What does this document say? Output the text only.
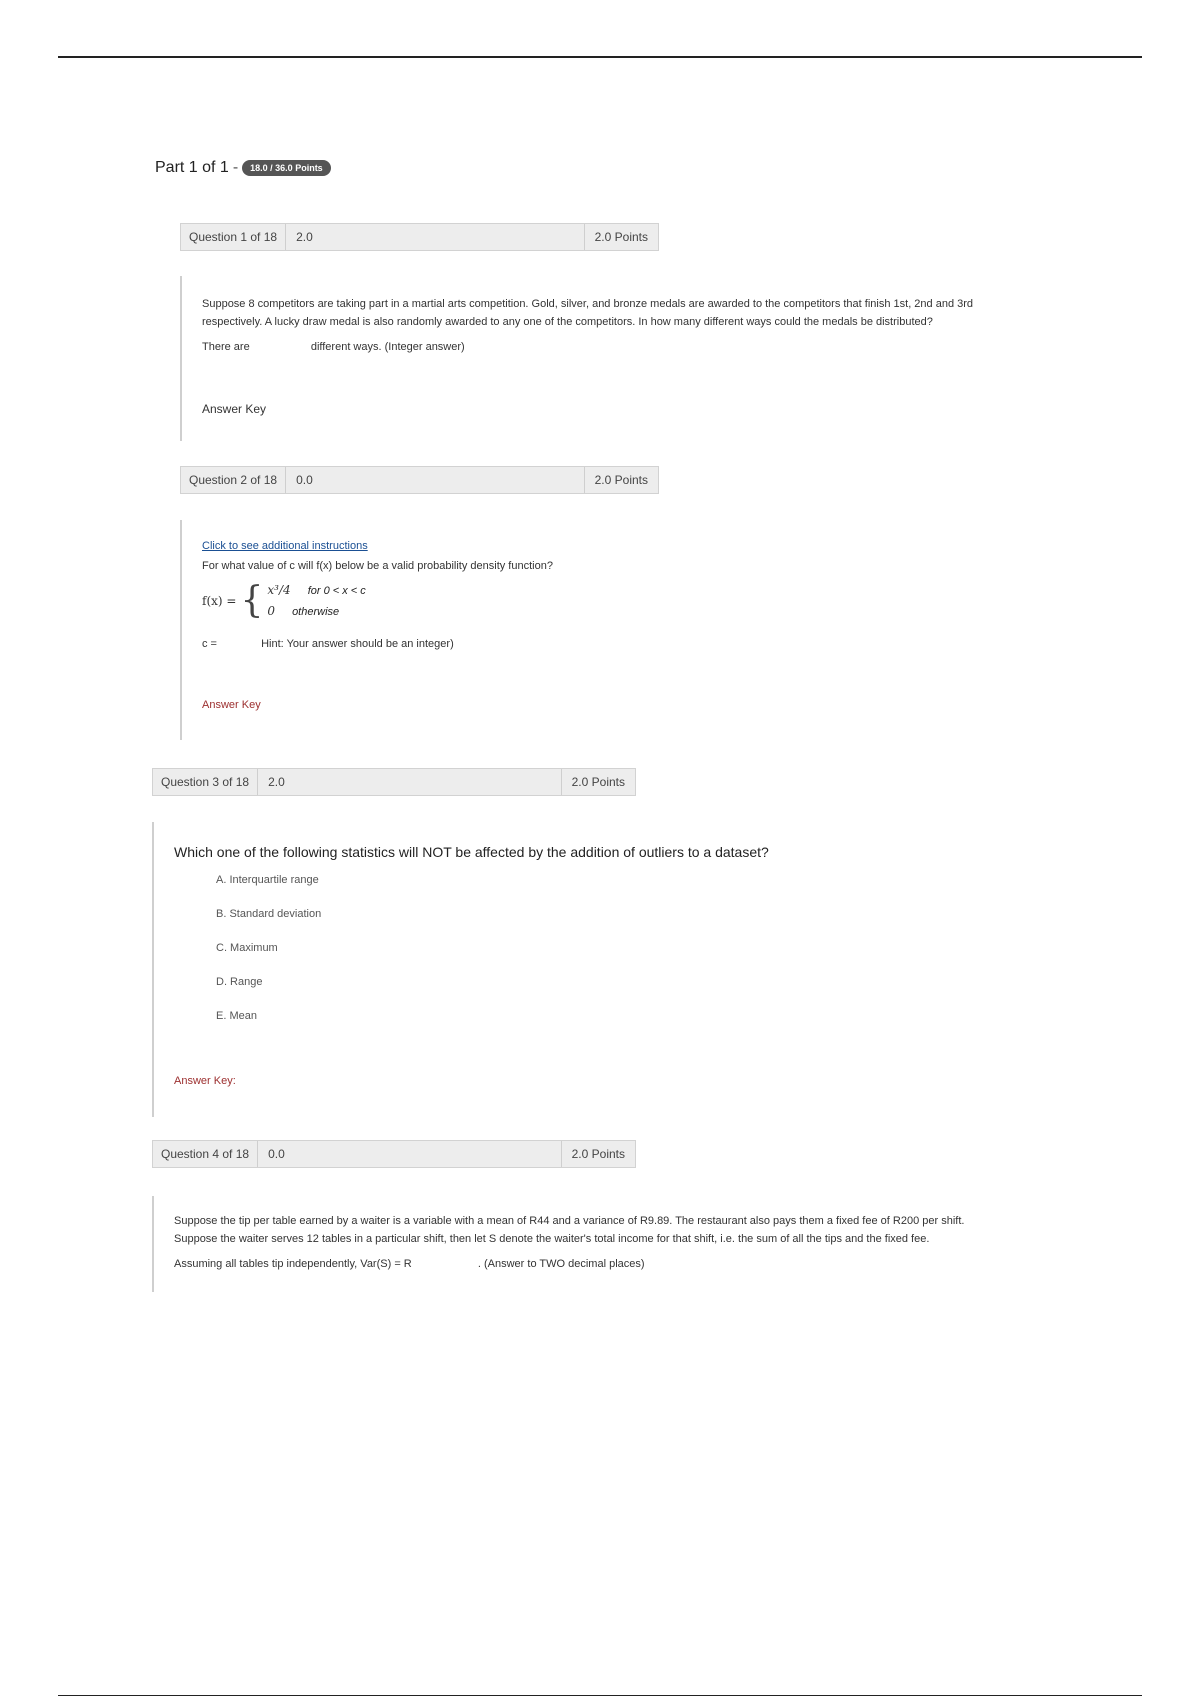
Part 1 of 1 -	18.0 / 36.0 Points
Question 1 of 18	2.0	2.0 Points

Suppose 8 competitors are taking part in a martial arts competition. Gold, silver, and bronze medals are awarded to the competitors that finish 1st, 2nd and 3rd

respectively. A lucky draw medal is also randomly awarded to any one of the competitors. In how many different ways could the medals be distributed?

There are	different ways. (Integer answer)
Answer Key
Question 2 of 18	0.0	2.0 Points
Click to see additional instructions
For what value of c will f(x) below be a valid probability density function?
f(x) = { x³/4 for 0 < x < c
0 otherwise
c =	Hint: Your answer should be an integer)
Answer Key
Question 3 of 18	2.0	2.0 Points
Which one of the following statistics will NOT be affected by the addition of outliers to a dataset?
A. Interquartile range
B. Standard deviation
C. Maximum
D. Range
E. Mean
Answer Key:
Question 4 of 18	0.0	2.0 Points

Suppose the tip per table earned by a waiter is a variable with a mean of R44 and a variance of R9.89. The restaurant also pays them a fixed fee of R200 per shift.

Suppose the waiter serves 12 tables in a particular shift, then let S denote the waiter's total income for that shift, i.e. the sum of all the tips and the fixed fee.

Assuming all tables tip independently, Var(S) = R	. (Answer to TWO decimal places)
